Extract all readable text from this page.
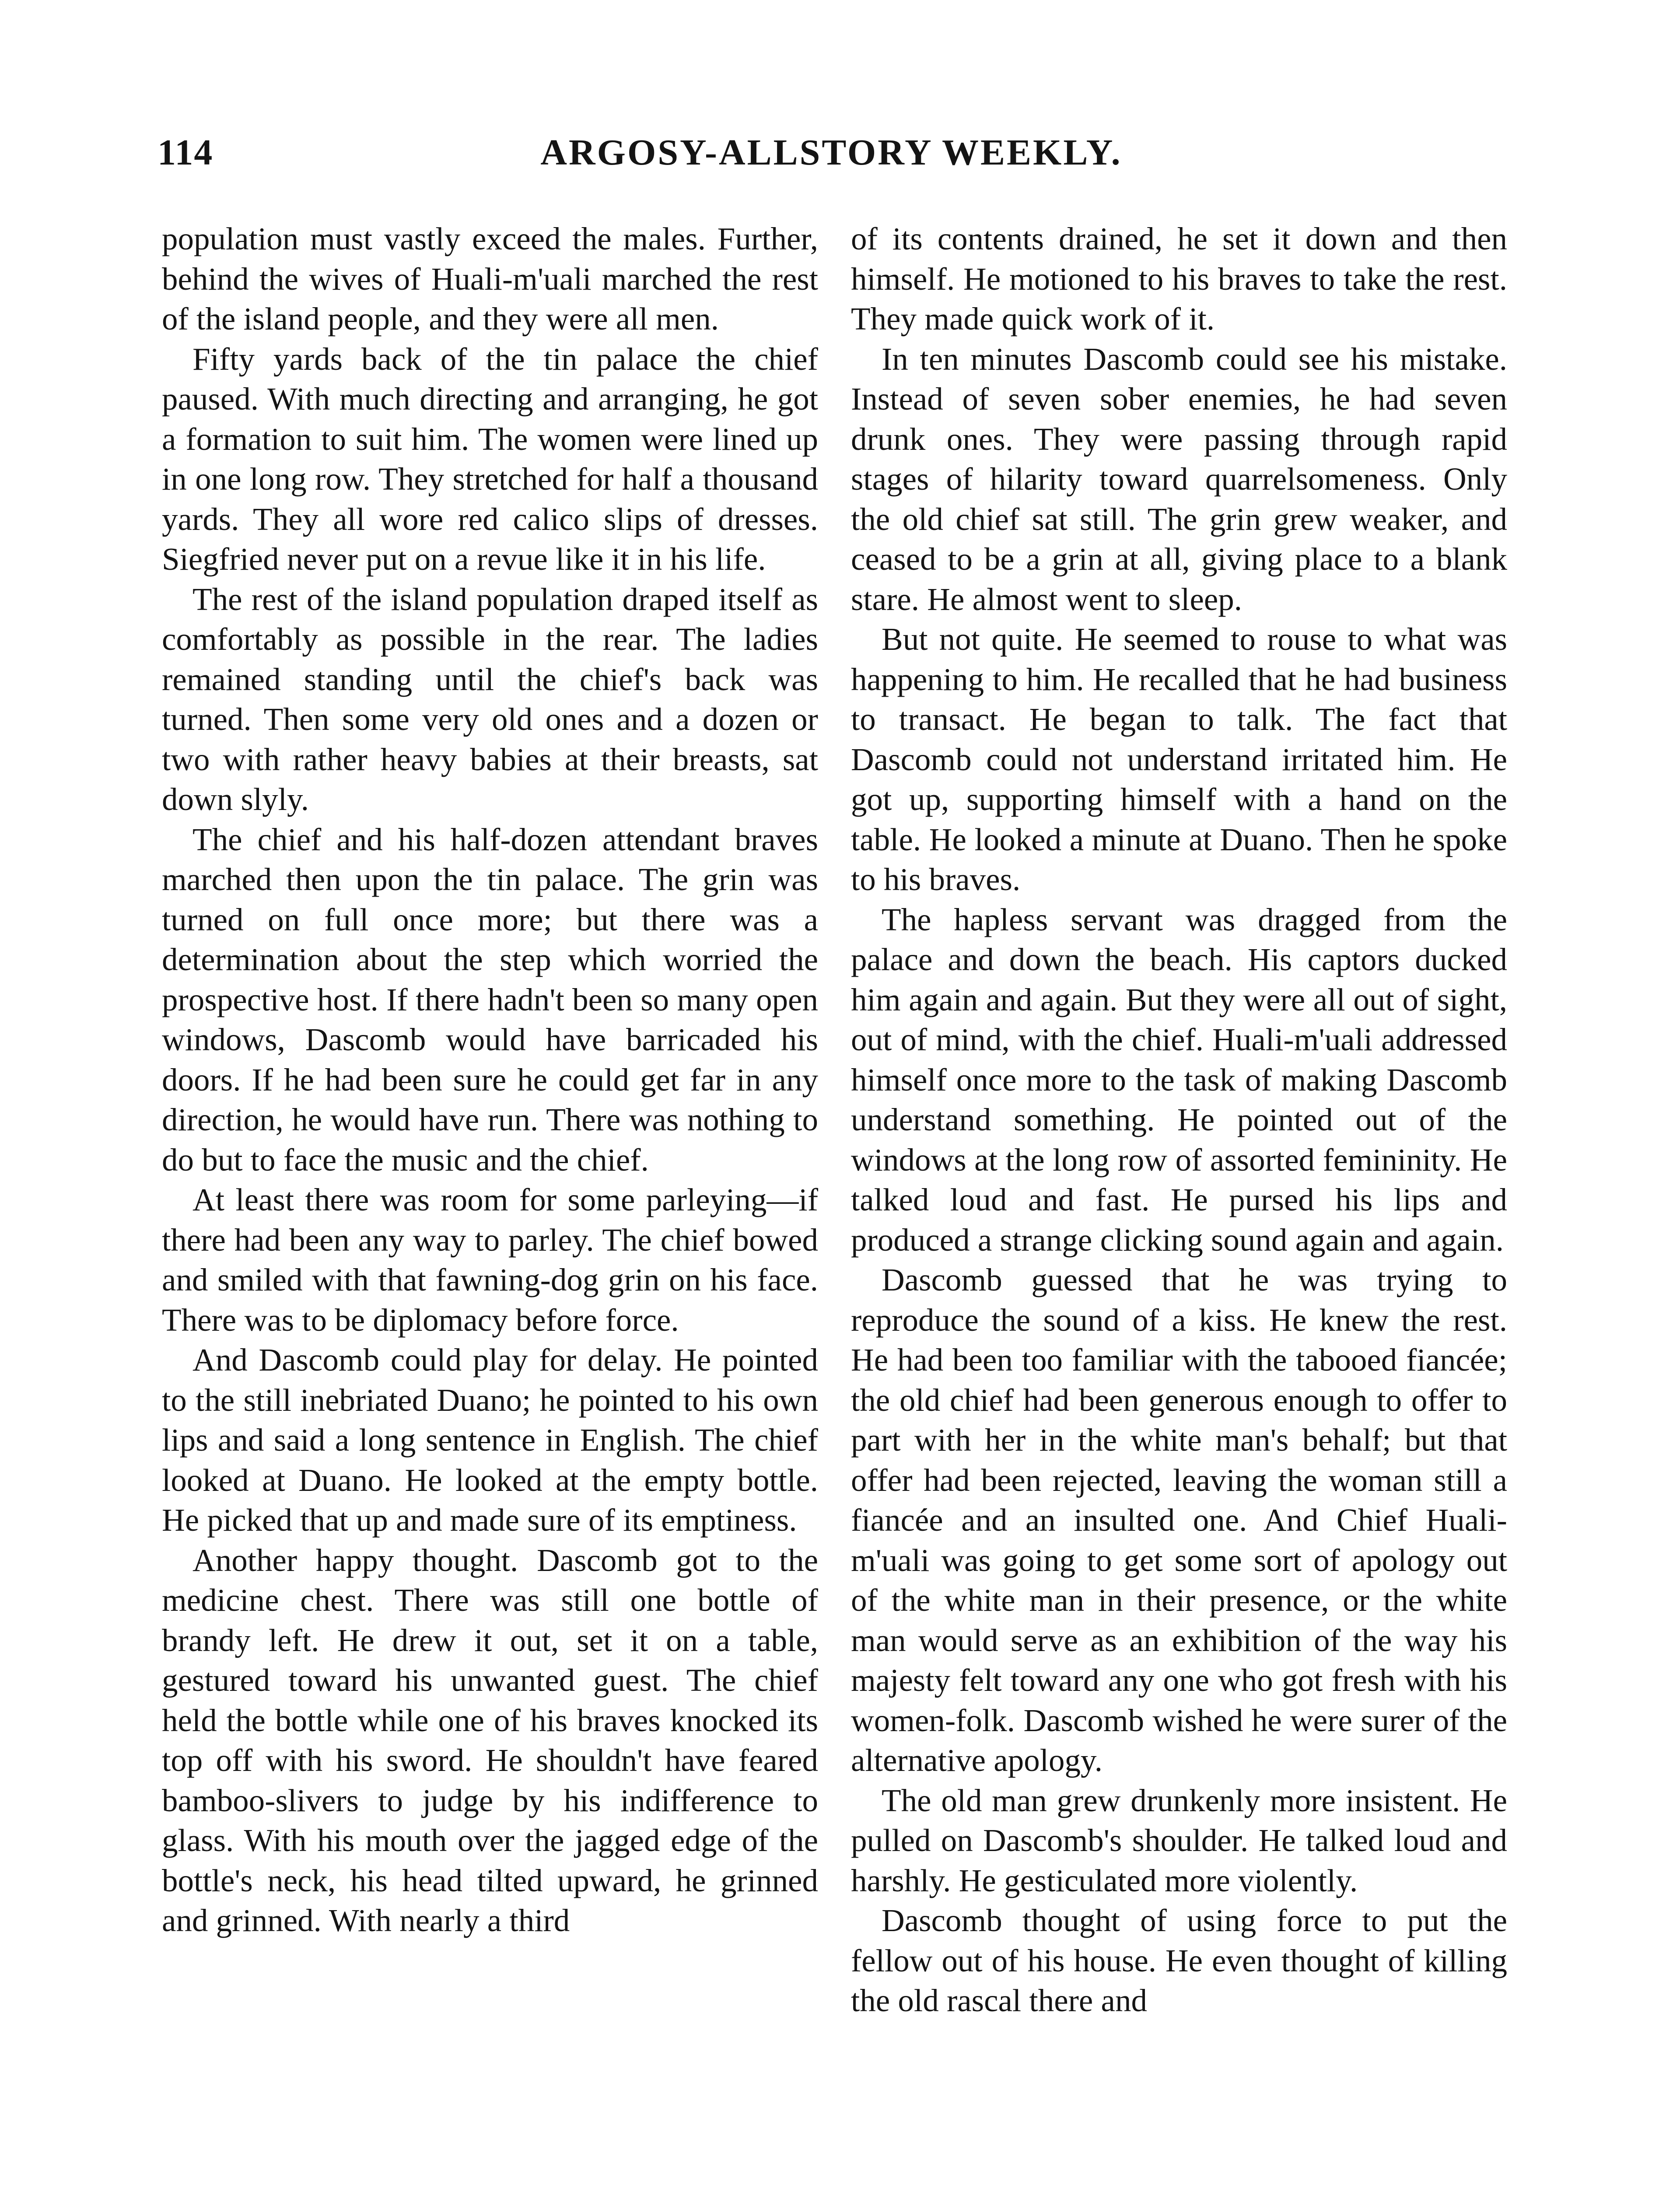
114	ARGOSY-ALLSTORY WEEKLY.

population must vastly exceed the males. Further, behind the wives of Huali-m'uali marched the rest of the island people, and they were all men.

Fifty yards back of the tin palace the chief paused. With much directing and arranging, he got a formation to suit him. The women were lined up in one long row. They stretched for half a thousand yards. They all wore red calico slips of dresses. Siegfried never put on a revue like it in his life.

The rest of the island population draped itself as comfortably as possible in the rear. The ladies remained standing until the chief's back was turned. Then some very old ones and a dozen or two with rather heavy babies at their breasts, sat down slyly.

The chief and his half-dozen attendant braves marched then upon the tin palace. The grin was turned on full once more; but there was a determination about the step which worried the prospective host. If there hadn't been so many open windows, Dascomb would have barricaded his doors. If he had been sure he could get far in any direction, he would have run. There was nothing to do but to face the music and the chief.

At least there was room for some parleying—if there had been any way to parley. The chief bowed and smiled with that fawning-dog grin on his face. There was to be diplomacy before force.

And Dascomb could play for delay. He pointed to the still inebriated Duano; he pointed to his own lips and said a long sentence in English. The chief looked at Duano. He looked at the empty bottle. He picked that up and made sure of its emptiness.

Another happy thought. Dascomb got to the medicine chest. There was still one bottle of brandy left. He drew it out, set it on a table, gestured toward his unwanted guest. The chief held the bottle while one of his braves knocked its top off with his sword. He shouldn't have feared bamboo-slivers to judge by his indifference to glass. With his mouth over the jagged edge of the bottle's neck, his head tilted upward, he grinned and grinned. With nearly a third

of its contents drained, he set it down and then himself. He motioned to his braves to take the rest. They made quick work of it.

In ten minutes Dascomb could see his mistake. Instead of seven sober enemies, he had seven drunk ones. They were passing through rapid stages of hilarity toward quarrelsomeness. Only the old chief sat still. The grin grew weaker, and ceased to be a grin at all, giving place to a blank stare. He almost went to sleep.

But not quite. He seemed to rouse to what was happening to him. He recalled that he had business to transact. He began to talk. The fact that Dascomb could not understand irritated him. He got up, supporting himself with a hand on the table. He looked a minute at Duano. Then he spoke to his braves.

The hapless servant was dragged from the palace and down the beach. His captors ducked him again and again. But they were all out of sight, out of mind, with the chief. Huali-m'uali addressed himself once more to the task of making Dascomb understand something. He pointed out of the windows at the long row of assorted femininity. He talked loud and fast. He pursed his lips and produced a strange clicking sound again and again.

Dascomb guessed that he was trying to reproduce the sound of a kiss. He knew the rest. He had been too familiar with the tabooed fiancée; the old chief had been generous enough to offer to part with her in the white man's behalf; but that offer had been rejected, leaving the woman still a fiancée and an insulted one. And Chief Huali-m'uali was going to get some sort of apology out of the white man in their presence, or the white man would serve as an exhibition of the way his majesty felt toward any one who got fresh with his women-folk. Dascomb wished he were surer of the alternative apology.

The old man grew drunkenly more insistent. He pulled on Dascomb's shoulder. He talked loud and harshly. He gesticulated more violently.

Dascomb thought of using force to put the fellow out of his house. He even thought of killing the old rascal there and
